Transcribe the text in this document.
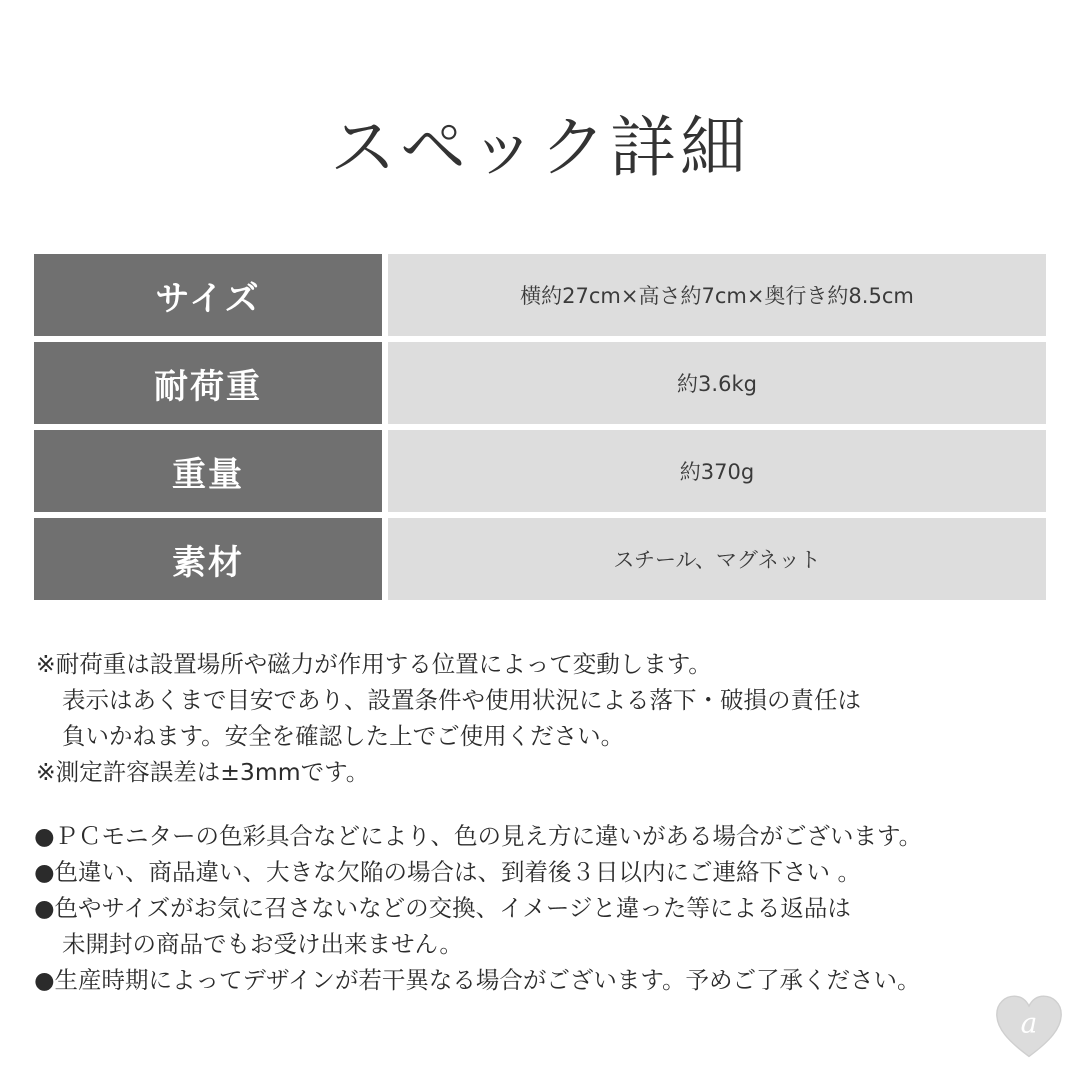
スペック詳細
サイズ	横約27cm×高さ約7cm×奥行き約8.5cm
耐荷重	約3.6kg
重量	約370g
素材	スチール、マグネット
※耐荷重は設置場所や磁力が作用する位置によって変動します。
表示はあくまで目安であり、設置条件や使用状況による落下・破損の責任は
負いかねます。安全を確認した上でご使用ください。
※測定許容誤差は±3mmです。
●ＰＣモニターの色彩具合などにより、色の見え方に違いがある場合がございます。
●色違い、商品違い、大きな欠陥の場合は、到着後３日以内にご連絡下さい 。
●色やサイズがお気に召さないなどの交換、イメージと違った等による返品は
未開封の商品でもお受け出来ません。
●生産時期によってデザインが若干異なる場合がございます。予めご了承ください。
a
